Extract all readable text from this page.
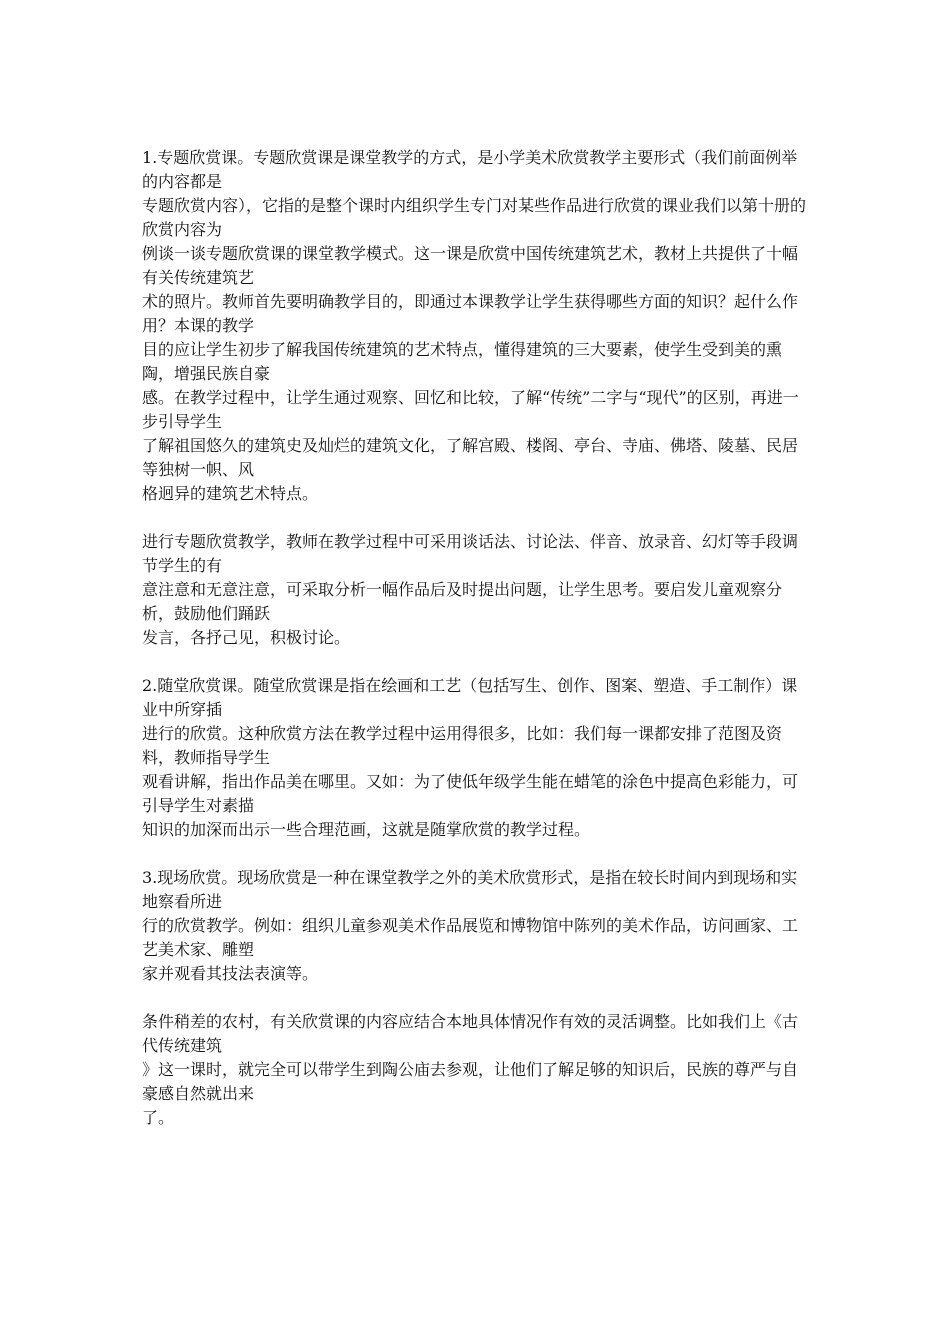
1.专题欣赏课。专题欣赏课是课堂教学的方式，是小学美术欣赏教学主要形式（我们前面例举的内容都是
专题欣赏内容），它指的是整个课时内组织学生专门对某些作品进行欣赏的课业我们以第十册的欣赏内容为
例谈一谈专题欣赏课的课堂教学模式。这一课是欣赏中国传统建筑艺术，教材上共提供了十幅有关传统建筑艺
术的照片。教师首先要明确教学目的，即通过本课教学让学生获得哪些方面的知识？起什么作用？本课的教学
目的应让学生初步了解我国传统建筑的艺术特点，懂得建筑的三大要素，使学生受到美的熏陶，增强民族自豪
感。在教学过程中，让学生通过观察、回忆和比较，了解“传统”二字与“现代”的区别，再进一步引导学生
了解祖国悠久的建筑史及灿烂的建筑文化，了解宫殿、楼阁、亭台、寺庙、佛塔、陵墓、民居等独树一帜、风
格迥异的建筑艺术特点。

进行专题欣赏教学，教师在教学过程中可采用谈话法、讨论法、伴音、放录音、幻灯等手段调节学生的有
意注意和无意注意，可采取分析一幅作品后及时提出问题，让学生思考。要启发儿童观察分析，鼓励他们踊跃
发言，各抒己见，积极讨论。

2.随堂欣赏课。随堂欣赏课是指在绘画和工艺（包括写生、创作、图案、塑造、手工制作）课业中所穿插
进行的欣赏。这种欣赏方法在教学过程中运用得很多，比如：我们每一课都安排了范图及资料，教师指导学生
观看讲解，指出作品美在哪里。又如：为了使低年级学生能在蜡笔的涂色中提高色彩能力，可引导学生对素描
知识的加深而出示一些合理范画，这就是随掌欣赏的教学过程。

3.现场欣赏。现场欣赏是一种在课堂教学之外的美术欣赏形式，是指在较长时间内到现场和实地察看所进
行的欣赏教学。例如：组织儿童参观美术作品展览和博物馆中陈列的美术作品，访问画家、工艺美术家、雕塑
家并观看其技法表演等。

条件稍差的农村，有关欣赏课的内容应结合本地具体情况作有效的灵活调整。比如我们上《古代传统建筑
》这一课时，就完全可以带学生到陶公庙去参观，让他们了解足够的知识后，民族的尊严与自豪感自然就出来
了。
